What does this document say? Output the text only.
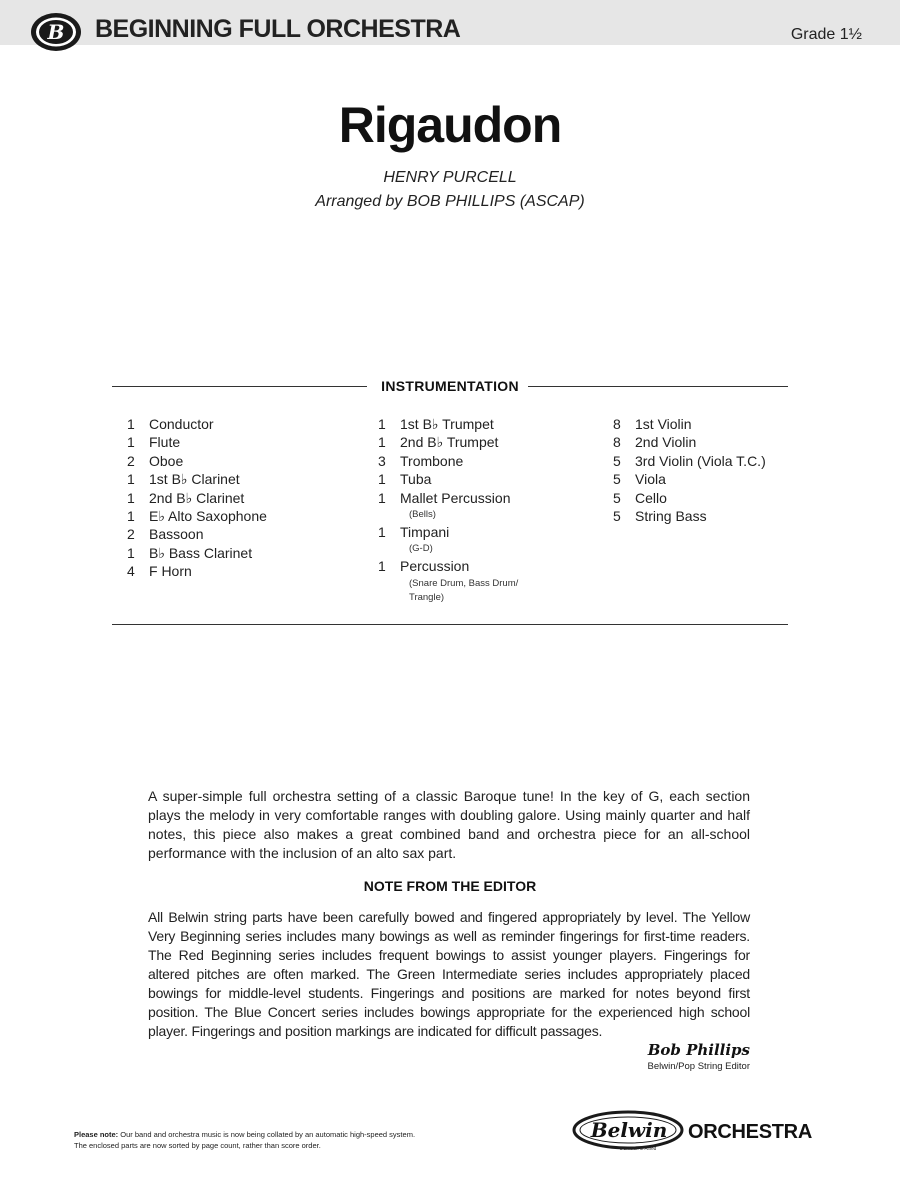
B BEGINNING FULL ORCHESTRA	Grade 1½
Rigaudon
HENRY PURCELL
Arranged by BOB PHILLIPS (ASCAP)
INSTRUMENTATION
1 Conductor
1 Flute
2 Oboe
1 1st B♭ Clarinet
1 2nd B♭ Clarinet
1 E♭ Alto Saxophone
2 Bassoon
1 B♭ Bass Clarinet
4 F Horn
1 1st B♭ Trumpet
1 2nd B♭ Trumpet
3 Trombone
1 Tuba
1 Mallet Percussion
(Bells)
1 Timpani
(G-D)
1 Percussion
(Snare Drum, Bass Drum/ Trangle)
8 1st Violin
8 2nd Violin
5 3rd Violin (Viola T.C.)
5 Viola
5 Cello
5 String Bass
A super-simple full orchestra setting of a classic Baroque tune! In the key of G, each section plays the melody in very comfortable ranges with doubling galore. Using mainly quarter and half notes, this piece also makes a great combined band and orchestra piece for an all-school performance with the inclusion of an alto sax part.
NOTE FROM THE EDITOR
All Belwin string parts have been carefully bowed and fingered appropriately by level. The Yellow Very Beginning series includes many bowings as well as reminder fingerings for first-time readers. The Red Beginning series includes frequent bowings to assist younger players. Fingerings for altered pitches are often marked. The Green Intermediate series includes appropriately placed bowings for middle-level students. Fingerings and positions are marked for notes beyond first position. The Blue Concert series includes bowings appropriate for the experienced high school player. Fingerings and position markings are indicated for difficult passages.
Bob Phillips
Belwin/Pop String Editor
Please note: Our band and orchestra music is now being collated by an automatic high-speed system.
The enclosed parts are now sorted by page count, rather than score order.
Belwin
a division of Alfred
ORCHESTRA
